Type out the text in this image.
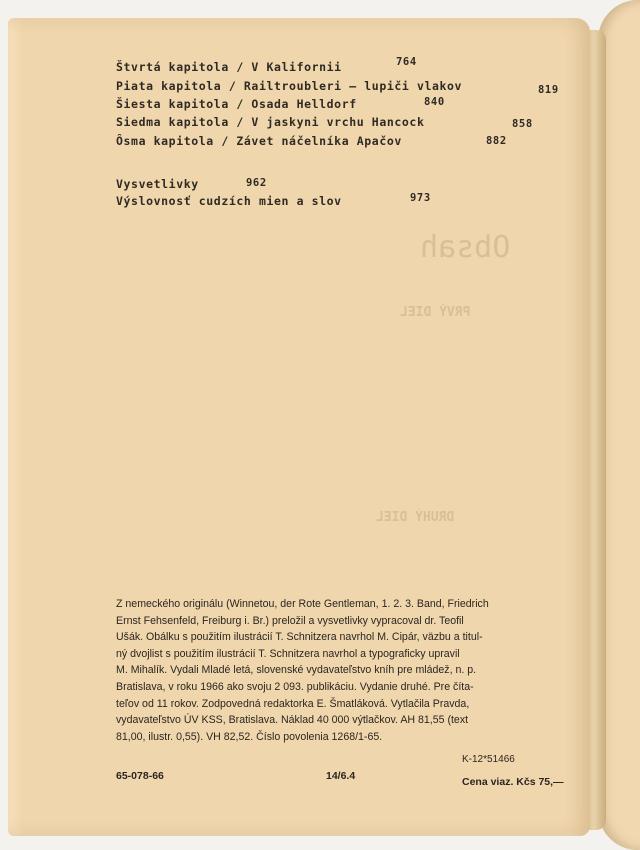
Obsah
PRVÝ DIEL
DRUHÝ DIEL
Štvrtá kapitola / V Kalifornii	764
Piata kapitola / Railtroubleri — lupiči vlakov	819
Šiesta kapitola / Osada Helldorf	840
Siedma kapitola / V jaskyni vrchu Hancock	858
Ôsma kapitola / Závet náčelníka Apačov	882
Vysvetlivky	962
Výslovnosť cudzích mien a slov	973
Z nemeckého originálu (Winnetou, der Rote Gentleman, 1. 2. 3. Band, Friedrich
Ernst Fehsenfeld, Freiburg i. Br.) preložil a vysvetlivky vypracoval dr. Teofil
Ušák. Obálku s použitím ilustrácií T. Schnitzera navrhol M. Cipár, väzbu a titul-
ný dvojlist s použitím ilustrácií T. Schnitzera navrhol a typograficky upravil
M. Mihalík. Vydali Mladé letá, slovenské vydavateľstvo kníh pre mládež, n. p.
Bratislava, v roku 1966 ako svoju 2 093. publikáciu. Vydanie druhé. Pre číta-
teľov od 11 rokov. Zodpovedná redaktorka E. Šmatláková. Vytlačila Pravda,
vydavateľstvo ÚV KSS, Bratislava. Náklad 40 000 výtlačkov. AH 81,55 (text
81,00, ilustr. 0,55). VH 82,52. Číslo povolenia 1268/1-65.
65-078-66	14/6.4
K-12*51466
Cena viaz. Kčs 75,—
